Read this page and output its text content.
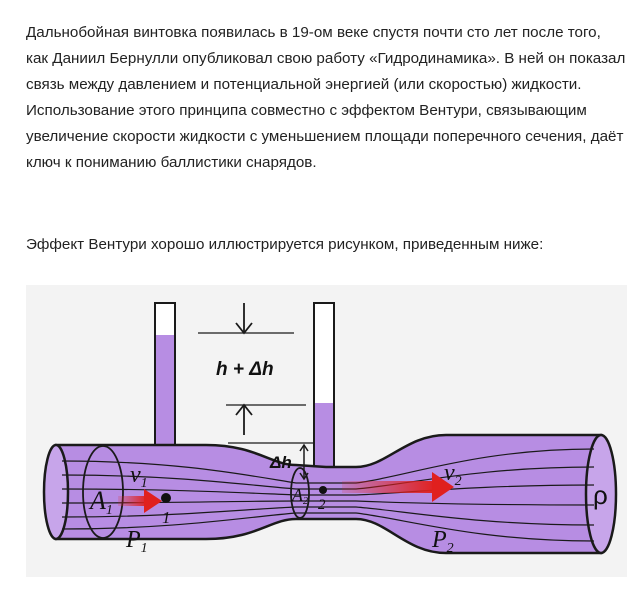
Дальнобойная винтовка появилась в 19-ом веке спустя почти сто лет после того, как Даниил Бернулли опубликовал свою работу «Гидродинамика». В ней он показал связь между давлением и потенциальной энергией (или скоростью) жидкости. Использование этого принципа совместно с эффектом Вентури, связывающим увеличение скорости жидкости с уменьшением площади поперечного сечения, даёт ключ к пониманию баллистики снарядов.

Эффект Вентури хорошо иллюстрируется рисунком, приведенным ниже:

h + Δh
Δh
$v_1$	$v_2$
A1
A2
$P_1$	$P_2$
1
2	ρ
